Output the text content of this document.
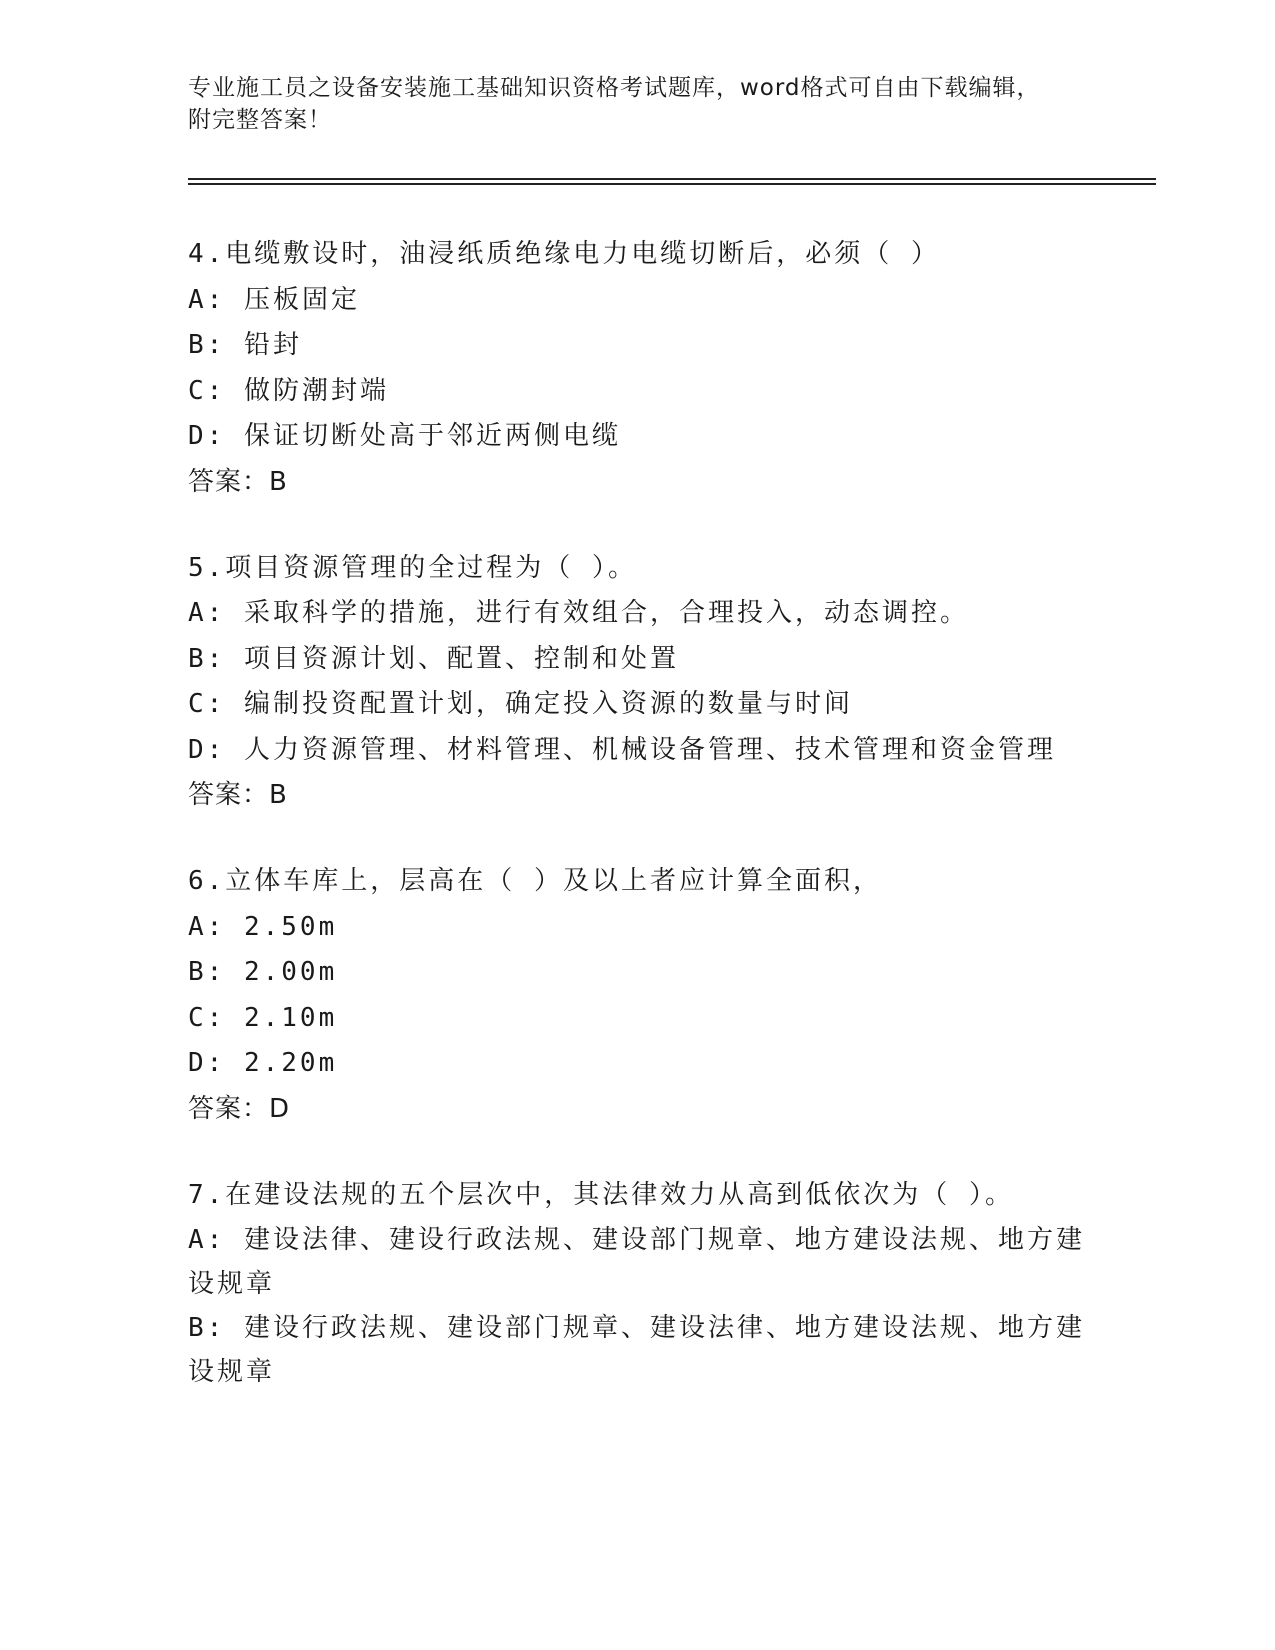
专业施工员之设备安装施工基础知识资格考试题库，word格式可自由下载编辑，
附完整答案！
4.电缆敷设时，油浸纸质绝缘电力电缆切断后，必须（ ）
A: 压板固定
B: 铅封
C: 做防潮封端
D: 保证切断处高于邻近两侧电缆
答案：B
5.项目资源管理的全过程为（ ）。
A: 采取科学的措施，进行有效组合，合理投入，动态调控。
B: 项目资源计划、配置、控制和处置
C: 编制投资配置计划，确定投入资源的数量与时间
D: 人力资源管理、材料管理、机械设备管理、技术管理和资金管理
答案：B
6.立体车库上，层高在（ ）及以上者应计算全面积，
A: 2.50m
B: 2.00m
C: 2.10m
D: 2.20m
答案：D
7.在建设法规的五个层次中，其法律效力从高到低依次为（ ）。
A: 建设法律、建设行政法规、建设部门规章、地方建设法规、地方建设规章
B: 建设行政法规、建设部门规章、建设法律、地方建设法规、地方建设规章
